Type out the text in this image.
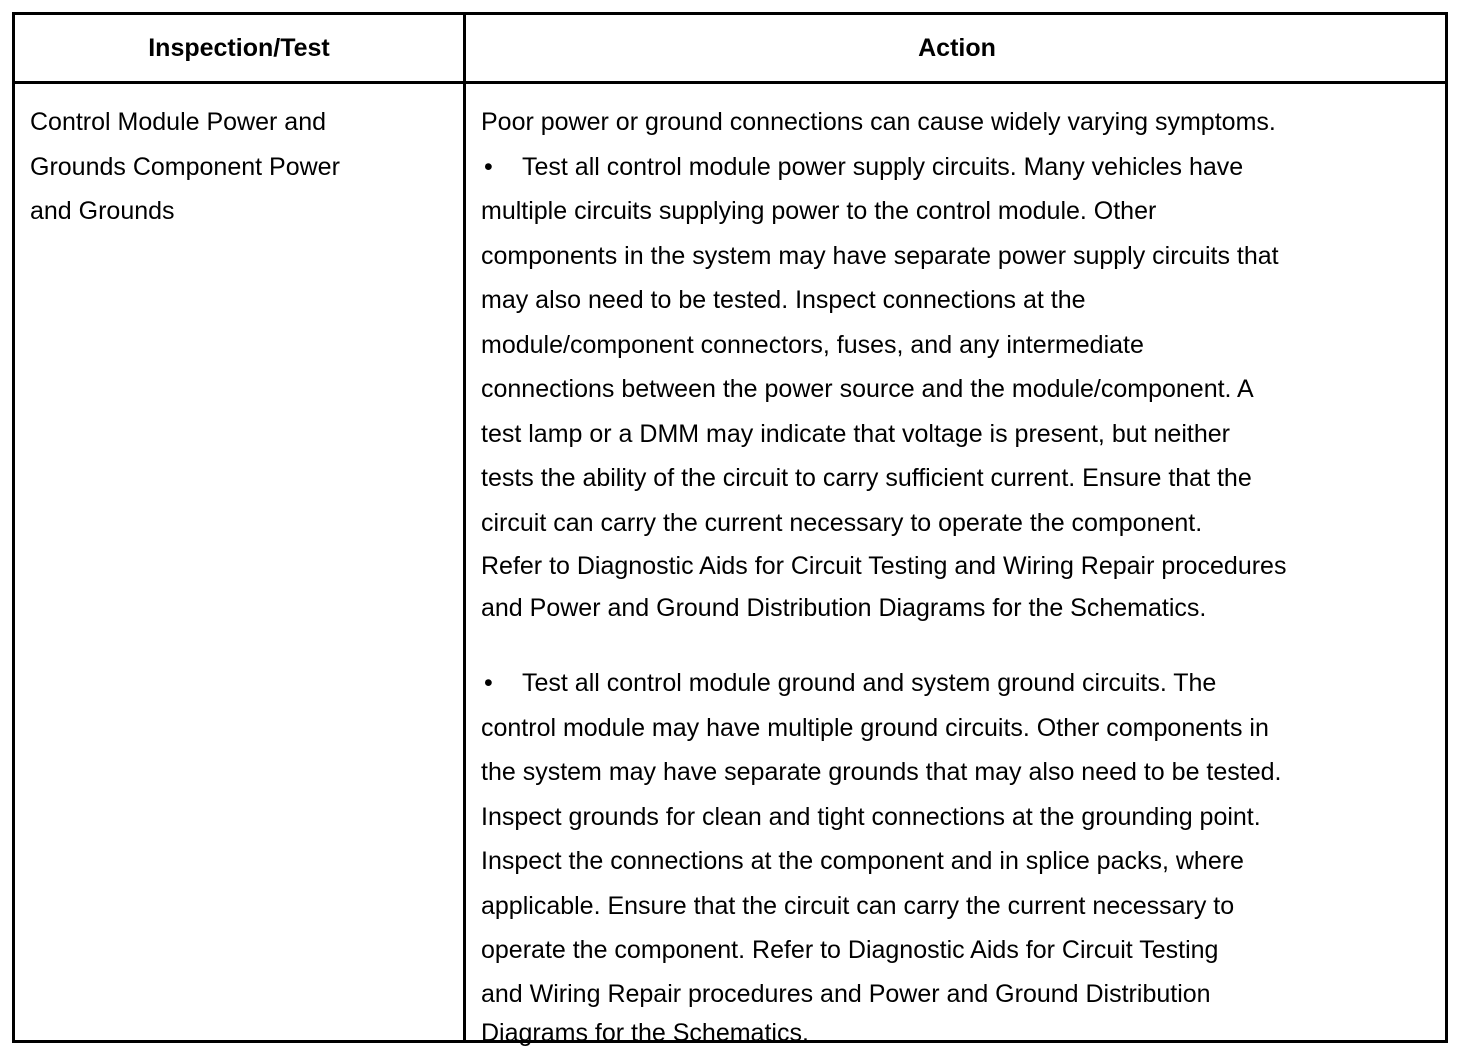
Inspection/Test	Action
Control Module Power and
Grounds Component Power
and Grounds
Poor power or ground connections can cause widely varying symptoms.
• Test all control module power supply circuits. Many vehicles have
multiple circuits supplying power to the control module. Other
components in the system may have separate power supply circuits that
may also need to be tested. Inspect connections at the
module/component connectors, fuses, and any intermediate
connections between the power source and the module/component. A
test lamp or a DMM may indicate that voltage is present, but neither
tests the ability of the circuit to carry sufficient current. Ensure that the
circuit can carry the current necessary to operate the component.
Refer to Diagnostic Aids for Circuit Testing and Wiring Repair procedures
and Power and Ground Distribution Diagrams for the Schematics.
• Test all control module ground and system ground circuits. The
control module may have multiple ground circuits. Other components in
the system may have separate grounds that may also need to be tested.
Inspect grounds for clean and tight connections at the grounding point.
Inspect the connections at the component and in splice packs, where
applicable. Ensure that the circuit can carry the current necessary to
operate the component. Refer to Diagnostic Aids for Circuit Testing
and Wiring Repair procedures and Power and Ground Distribution
Diagrams for the Schematics.
